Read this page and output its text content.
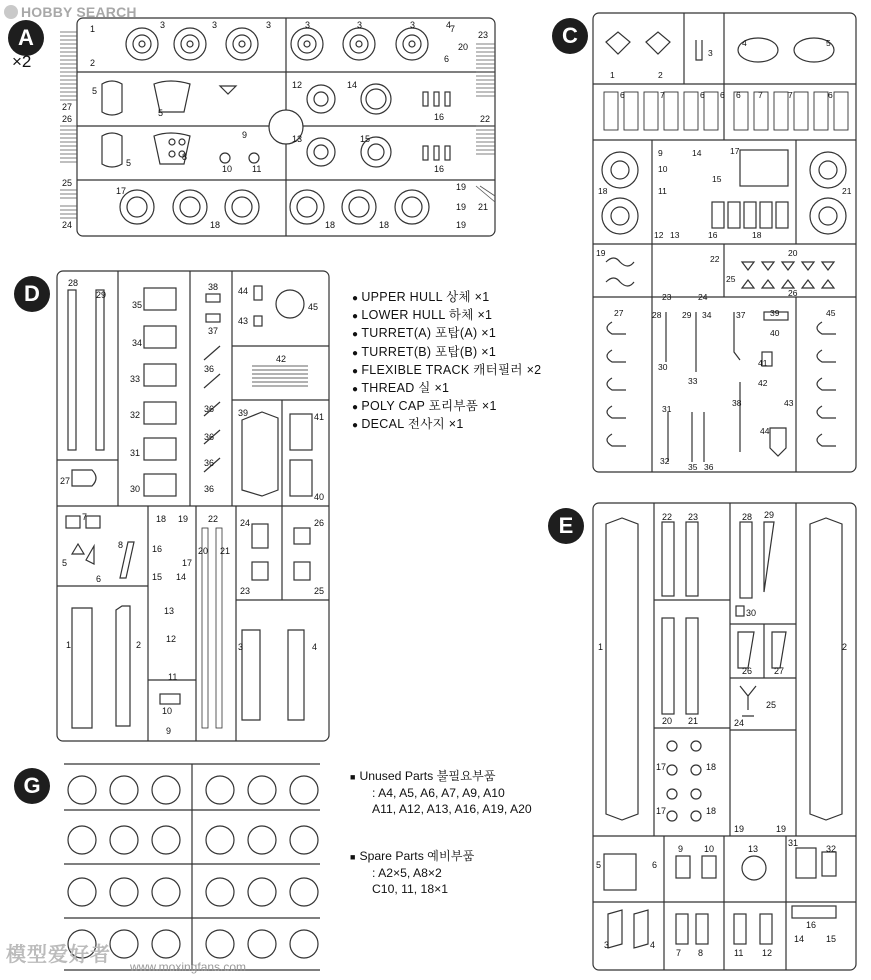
HOBBY SEARCH
A
×2
1
2
3	3	3	3	3	3	4
5
5
5
6
7
8
9
10 11
12
13
14
15
16
16
17
18	18	18
19
19
19
20
21
22
23
24
25
26
27
C
1	2
3
4	5
6	7	6	7
6	6
7
6
18	21
9
10
11
12 13
14
15
16
17
18
19	20
22
23	24
25
26
27	28 29
30
31
32
33
34
35 36
37
38
39
40
41
42
43
44
45
D	28
29
35
34
33
32
31
30
27
38
37
36
36
36
36
36
44
43
45
42
39	41
40
7
5
6
8
18 19
16
17
15 14
13
12
11
10
9
22
20 21
24
23
26
25
1	2	3	4
● UPPER HULL 상체 ×1
● LOWER HULL 하체 ×1
● TURRET(A) 포탑(A) ×1
● TURRET(B) 포탑(B) ×1
● FLEXIBLE TRACK 캐터필러 ×2
● THREAD 실 ×1
● POLY CAP 포리부품 ×1
● DECAL 전사지 ×1
E
1	2
22 23	28 29
30
20 21
26 27
24
25
17	18
17	18
19	19
5	6
9 10	13
31
32
3	4
7 8	11 12
14 15
16
G	■ Unused Parts 불필요부품
: A4, A5, A6, A7, A9, A10
A11, A12, A13, A16, A19, A20
■ Spare Parts 예비부품
: A2×5, A8×2
C10, 11, 18×1
模型爱好者
www.moxingfans.com
